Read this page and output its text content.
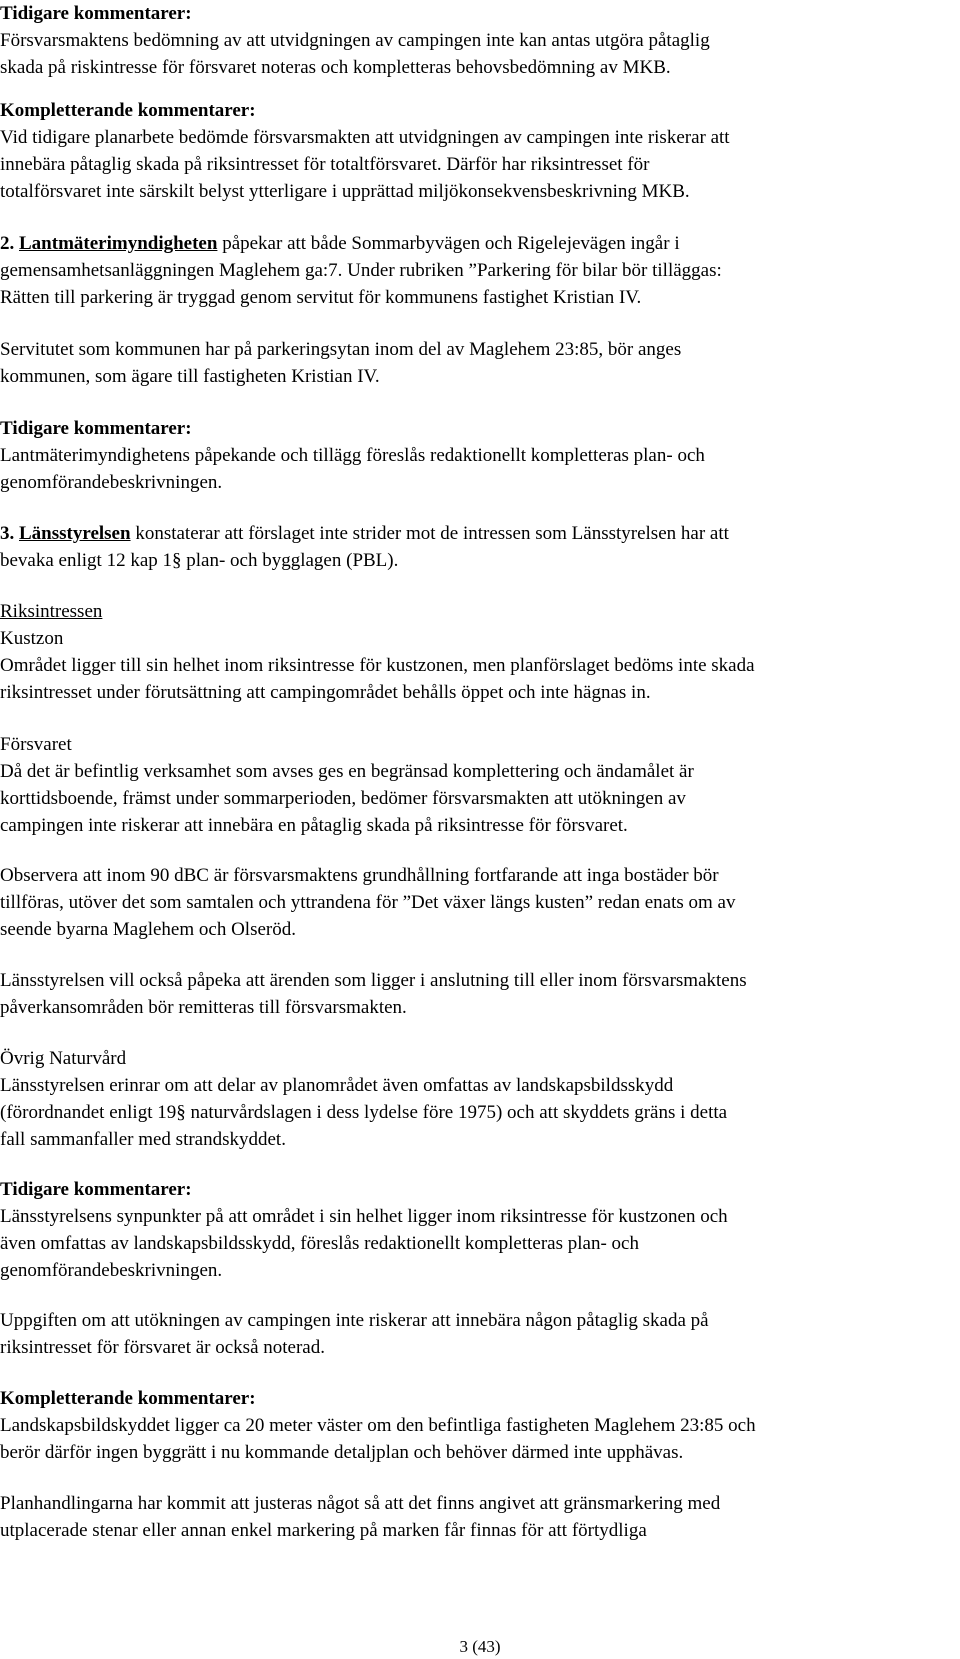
Tidigare kommentarer:
Försvarsmaktens bedömning av att utvidgningen av campingen inte kan antas utgöra påtaglig
skada på riskintresse för försvaret noteras och kompletteras behovsbedömning av MKB.
Kompletterande kommentarer:
Vid tidigare planarbete bedömde försvarsmakten att utvidgningen av campingen inte riskerar att
innebära påtaglig skada på riksintresset för totaltförsvaret. Därför har riksintresset för
totalförsvaret inte särskilt belyst ytterligare i upprättad miljökonsekvensbeskrivning MKB.
2. Lantmäterimyndigheten påpekar att både Sommarbyvägen och Rigelejevägen ingår i
gemensamhetsanläggningen Maglehem ga:7. Under rubriken ”Parkering för bilar bör tilläggas:
Rätten till parkering är tryggad genom servitut för kommunens fastighet Kristian IV.
Servitutet som kommunen har på parkeringsytan inom del av Maglehem 23:85, bör anges
kommunen, som ägare till fastigheten Kristian IV.
Tidigare kommentarer:
Lantmäterimyndighetens påpekande och tillägg föreslås redaktionellt kompletteras plan- och
genomförandebeskrivningen.
3. Länsstyrelsen konstaterar att förslaget inte strider mot de intressen som Länsstyrelsen har att
bevaka enligt 12 kap 1§ plan- och bygglagen (PBL).
Riksintressen
Kustzon
Området ligger till sin helhet inom riksintresse för kustzonen, men planförslaget bedöms inte skada
riksintresset under förutsättning att campingområdet behålls öppet och inte hägnas in.
Försvaret
Då det är befintlig verksamhet som avses ges en begränsad komplettering och ändamålet är
korttidsboende, främst under sommarperioden, bedömer försvarsmakten att utökningen av
campingen inte riskerar att innebära en påtaglig skada på riksintresse för försvaret.
Observera att inom 90 dBC är försvarsmaktens grundhållning fortfarande att inga bostäder bör
tillföras, utöver det som samtalen och yttrandena för ”Det växer längs kusten” redan enats om av
seende byarna Maglehem och Olseröd.
Länsstyrelsen vill också påpeka att ärenden som ligger i anslutning till eller inom försvarsmaktens
påverkansområden bör remitteras till försvarsmakten.
Övrig Naturvård
Länsstyrelsen erinrar om att delar av planområdet även omfattas av landskapsbildsskydd
(förordnandet enligt 19§ naturvårdslagen i dess lydelse före 1975) och att skyddets gräns i detta
fall sammanfaller med strandskyddet.
Tidigare kommentarer:
Länsstyrelsens synpunkter på att området i sin helhet ligger inom riksintresse för kustzonen och
även omfattas av landskapsbildsskydd, föreslås redaktionellt kompletteras plan- och
genomförandebeskrivningen.
Uppgiften om att utökningen av campingen inte riskerar att innebära någon påtaglig skada på
riksintresset för försvaret är också noterad.
Kompletterande kommentarer:
Landskapsbildskyddet ligger ca 20 meter väster om den befintliga fastigheten Maglehem 23:85 och
berör därför ingen byggrätt i nu kommande detaljplan och behöver därmed inte upphävas.
Planhandlingarna har kommit att justeras något så att det finns angivet att gränsmarkering med
utplacerade stenar eller annan enkel markering på marken får finnas för att förtydliga
3 (43)
